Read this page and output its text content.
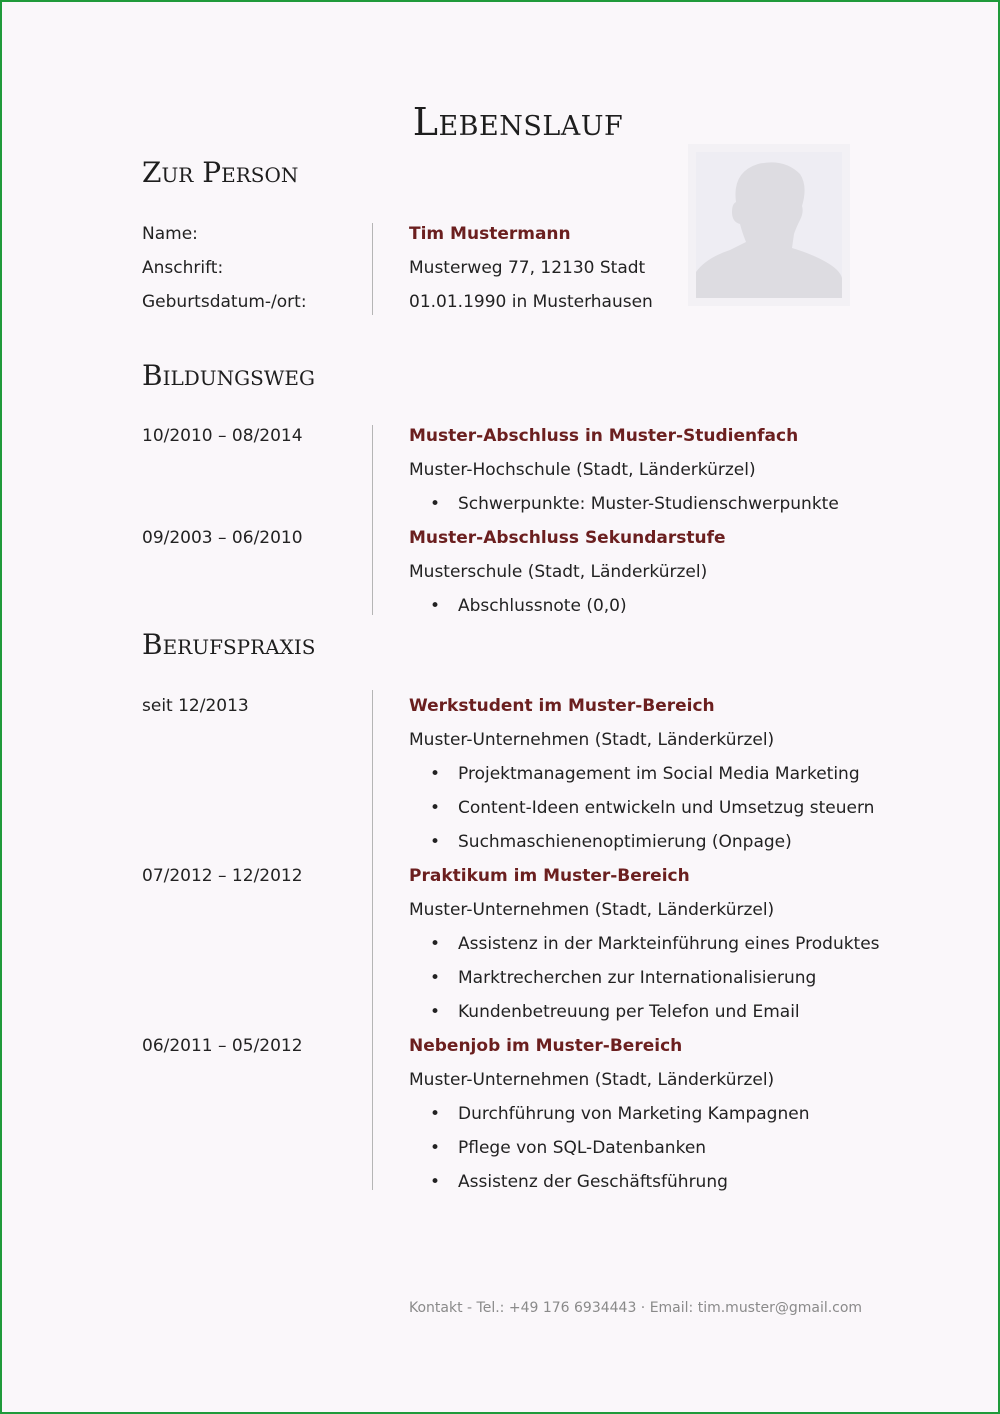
Lebenslauf
Zur Person
Name:	Tim Mustermann
Anschrift:	Musterweg 77, 12130 Stadt
Geburtsdatum-/ort:	01.01.1990 in Musterhausen
Bildungsweg
10/2010 – 08/2014	Muster-Abschluss in Muster-Studienfach
Muster-Hochschule (Stadt, Länderkürzel)
• Schwerpunkte: Muster-Studienschwerpunkte
09/2003 – 06/2010	Muster-Abschluss Sekundarstufe
Musterschule (Stadt, Länderkürzel)
• Abschlussnote (0,0)
Berufspraxis
seit 12/2013	Werkstudent im Muster-Bereich
Muster-Unternehmen (Stadt, Länderkürzel)
• Projektmanagement im Social Media Marketing
• Content-Ideen entwickeln und Umsetzug steuern
• Suchmaschienenoptimierung (Onpage)
07/2012 – 12/2012	Praktikum im Muster-Bereich
Muster-Unternehmen (Stadt, Länderkürzel)
• Assistenz in der Markteinführung eines Produktes
• Marktrecherchen zur Internationalisierung
• Kundenbetreuung per Telefon und Email
06/2011 – 05/2012	Nebenjob im Muster-Bereich
Muster-Unternehmen (Stadt, Länderkürzel)
• Durchführung von Marketing Kampagnen
• Pflege von SQL-Datenbanken
• Assistenz der Geschäftsführung
Kontakt - Tel.: +49 176 6934443 · Email: tim.muster@gmail.com
